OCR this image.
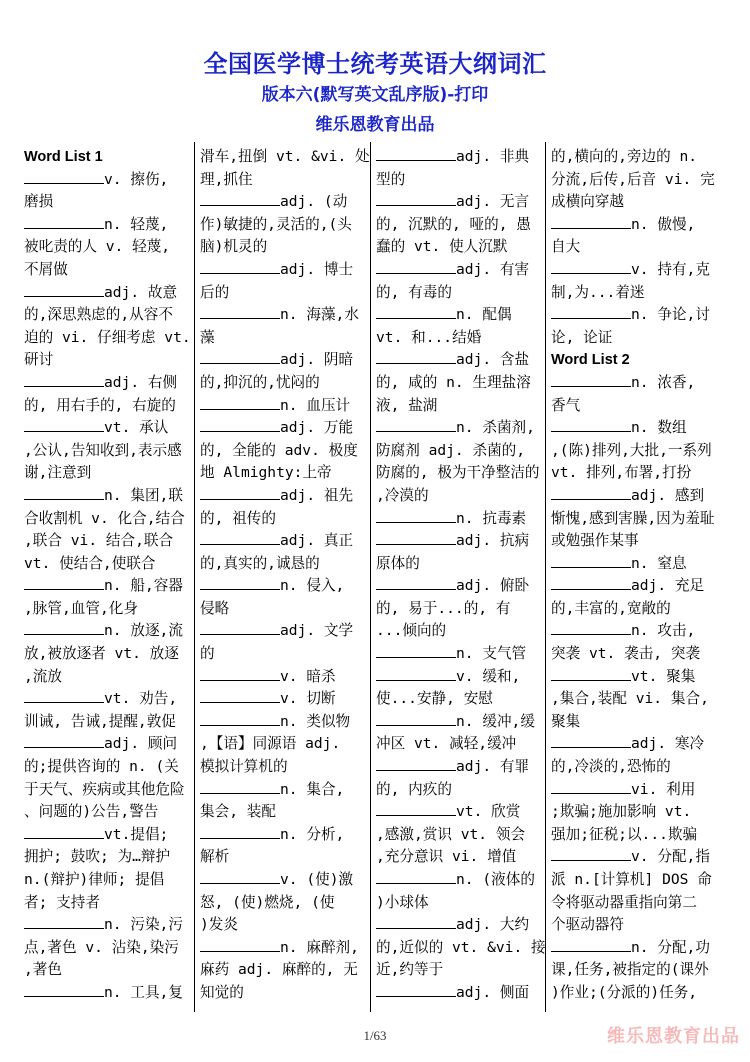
全国医学博士统考英语大纲词汇
版本六(默写英文乱序版)-打印
维乐恩教育出品
Word List 1
v. 擦伤,
磨损
n. 轻蔑,
被叱责的人 v. 轻蔑,
不屑做
adj. 故意
的,深思熟虑的,从容不
迫的 vi. 仔细考虑 vt.
研讨
adj. 右侧
的, 用右手的, 右旋的
vt. 承认
,公认,告知收到,表示感
谢,注意到
n. 集团,联
合收割机 v. 化合,结合
,联合 vi. 结合,联合
vt. 使结合,使联合
n. 船,容器
,脉管,血管,化身
n. 放逐,流
放,被放逐者 vt. 放逐
,流放
vt. 劝告,
训诫, 告诫,提醒,敦促
adj. 顾问
的;提供咨询的 n. (关
于天气、疾病或其他危险
、问题的)公告,警告
vt.提倡;
拥护; 鼓吹; 为…辩护
n.(辩护)律师; 提倡
者; 支持者
n. 污染,污
点,著色 v. 沾染,染污
,著色
n. 工具,复
滑车,扭倒 vt. &vi. 处
理,抓住
adj. (动
作)敏捷的,灵活的,(头
脑)机灵的
adj. 博士
后的
n. 海藻,水
藻
adj. 阴暗
的,抑沉的,忧闷的
n. 血压计
adj. 万能
的, 全能的 adv. 极度
地 Almighty:上帝
adj. 祖先
的, 祖传的
adj. 真正
的,真实的,诚恳的
n. 侵入,
侵略
adj. 文学
的
v. 暗杀
v. 切断
n. 类似物
,【语】同源语 adj.
模拟计算机的
n. 集合,
集会, 装配
n. 分析,
解析
v. (使)激
怒, (使)燃烧, (使
)发炎
n. 麻醉剂,
麻药 adj. 麻醉的, 无
知觉的
adj. 非典
型的
adj. 无言
的, 沉默的, 哑的, 愚
蠢的 vt. 使人沉默
adj. 有害
的, 有毒的
n. 配偶
vt. 和...结婚
adj. 含盐
的, 咸的 n. 生理盐溶
液, 盐湖
n. 杀菌剂,
防腐剂 adj. 杀菌的,
防腐的, 极为干净整洁的
,冷漠的
n. 抗毒素
adj. 抗病
原体的
adj. 俯卧
的, 易于...的, 有
...倾向的
n. 支气管
v. 缓和,
使...安静, 安慰
n. 缓冲,缓
冲区 vt. 减轻,缓冲
adj. 有罪
的, 内疚的
vt. 欣赏
,感激,赏识 vt. 领会
,充分意识 vi. 增值
n. (液体的
)小球体
adj. 大约
的,近似的 vt. &vi. 接
近,约等于
adj. 侧面
的,横向的,旁边的 n.
分流,后传,后音 vi. 完
成横向穿越
n. 傲慢,
自大
v. 持有,克
制,为...着迷
n. 争论,讨
论, 论证
Word List 2
n. 浓香,
香气
n. 数组
,(陈)排列,大批,一系列
vt. 排列,布署,打扮
adj. 感到
惭愧,感到害臊,因为羞耻
或勉强作某事
n. 窒息
adj. 充足
的,丰富的,宽敞的
n. 攻击,
突袭 vt. 袭击, 突袭
vt. 聚集
,集合,装配 vi. 集合,
聚集
adj. 寒冷
的,冷淡的,恐怖的
vi. 利用
;欺骗;施加影响 vt.
强加;征税;以...欺骗
v. 分配,指
派 n.[计算机] DOS 命
令将驱动器重指向第二
个驱动器符
n. 分配,功
课,任务,被指定的(课外
)作业;(分派的)任务,
1/63	维乐恩教育出品
